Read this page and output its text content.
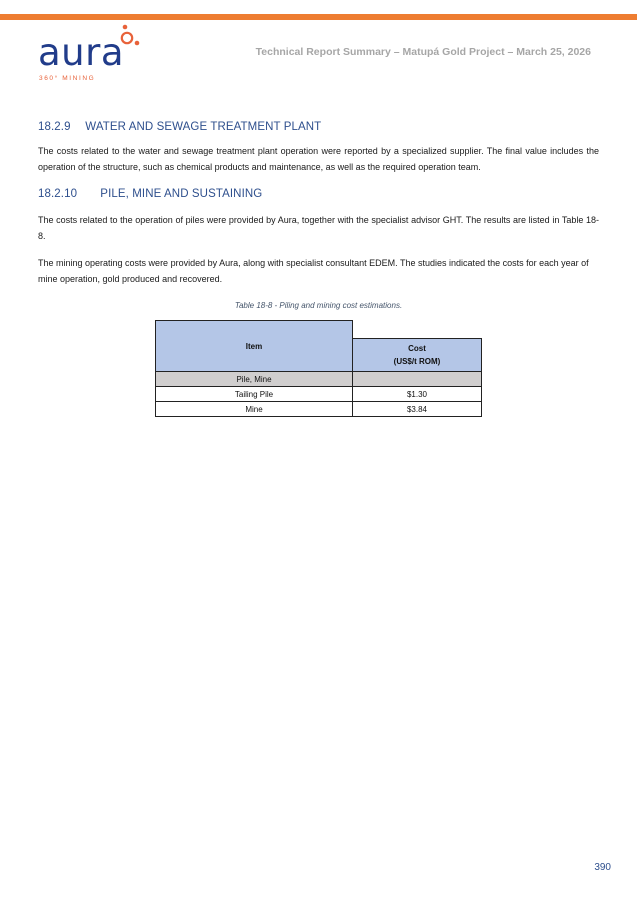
aura
360° MINING
Technical Report Summary – Matupá Gold Project – March 25, 2026
18.2.9 WATER AND SEWAGE TREATMENT PLANT
The costs related to the water and sewage treatment plant operation were reported by a specialized supplier. The final value includes the operation of the structure, such as chemical products and maintenance, as well as the required operation team.
18.2.10 PILE, MINE AND SUSTAINING
The costs related to the operation of piles were provided by Aura, together with the specialist advisor GHT. The results are listed in Table 18-8.
The mining operating costs were provided by Aura, along with specialist consultant EDEM. The studies indicated the costs for each year of mine operation, gold produced and recovered.
Table 18-8 - Piling and mining cost estimations.
Item	

	Cost
(US$/t ROM)

Pile, Mine	
Tailing Pile	$1.30
Mine	$3.84
390
